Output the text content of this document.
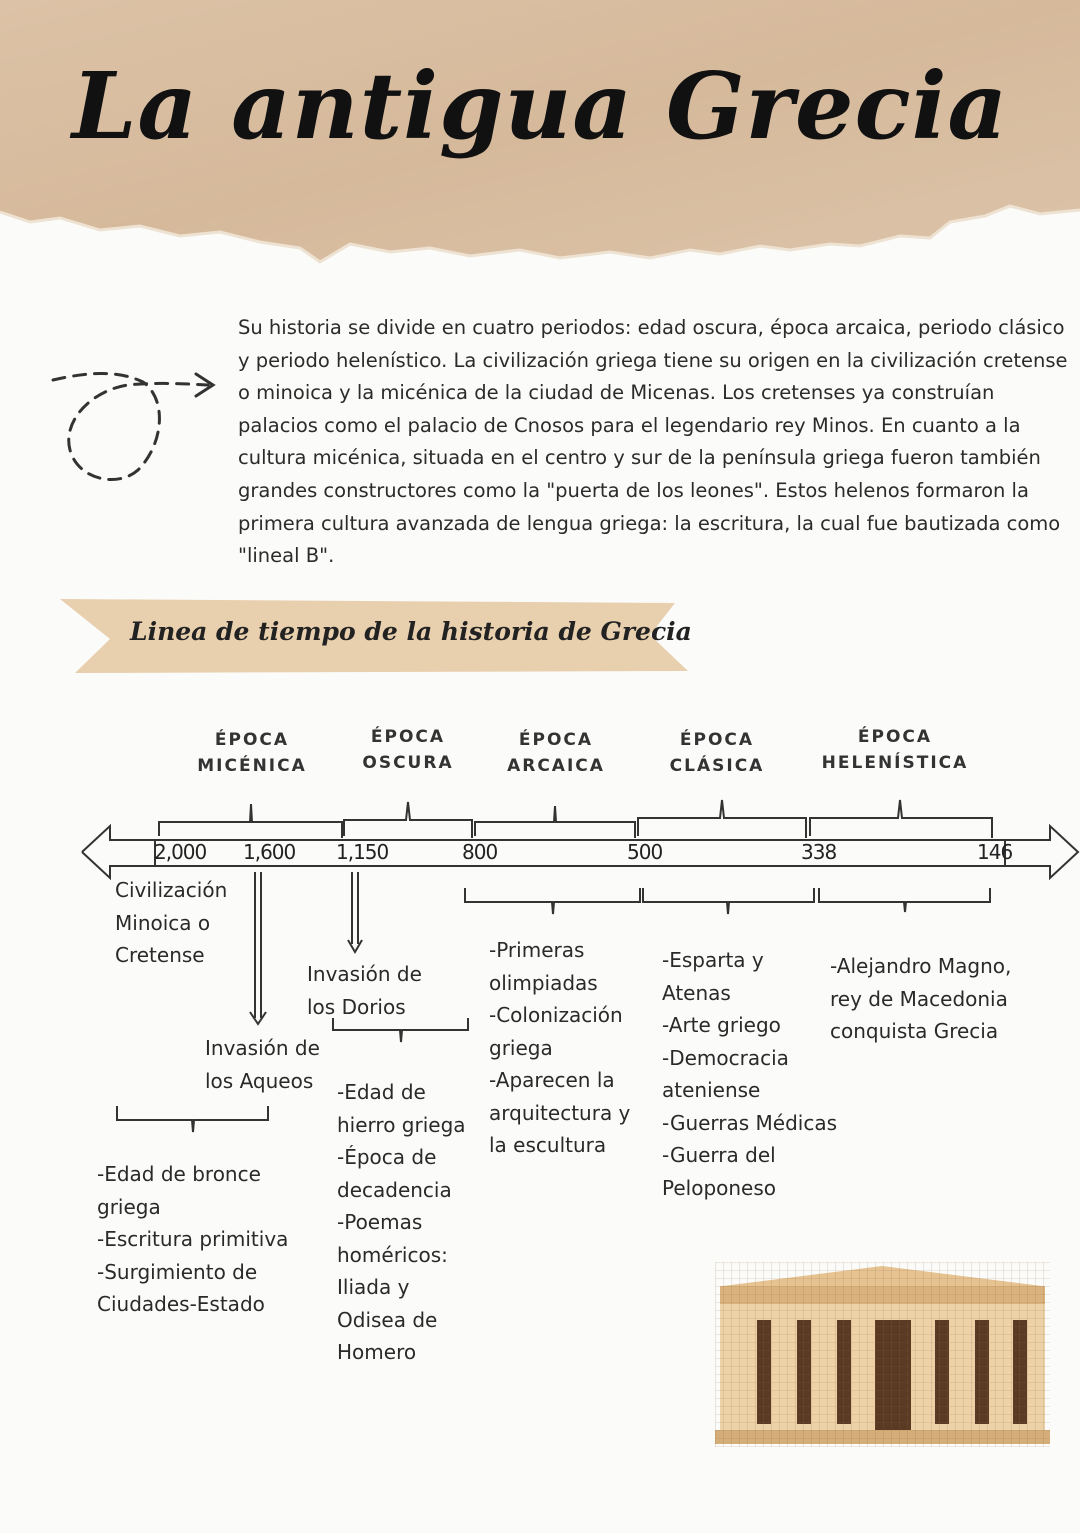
La antigua Grecia
Su historia se divide en cuatro periodos: edad oscura, época arcaica, periodo clásico y periodo helenístico. La civilización griega tiene su origen en la civilización cretense o minoica y la micénica de la ciudad de Micenas. Los cretenses ya construían palacios como el palacio de Cnosos para el legendario rey Minos. En cuanto a la cultura micénica, situada en el centro y sur de la península griega fueron también grandes constructores como la "puerta de los leones". Estos helenos formaron la primera cultura avanzada de lengua griega: la escritura, la cual fue bautizada como "lineal B".
Linea de tiempo de la historia de Grecia
ÉPOCA
MICÉNICA
ÉPOCA
OSCURA
ÉPOCA
ARCAICA
ÉPOCA
CLÁSICA
ÉPOCA
HELENÍSTICA
2,000 1,600 1,150	800	500	338	146
Civilización
Minoica o
Cretense
Invasión de
los Aqueos
Invasión de
los Dorios
-Edad de bronce
griega
-Escritura primitiva
-Surgimiento de
Ciudades-Estado
-Edad de
hierro griega
-Época de
decadencia
-Poemas
homéricos:
Iliada y
Odisea de
Homero
-Primeras
olimpiadas
-Colonización
griega
-Aparecen la
arquitectura y
la escultura
-Esparta y
Atenas
-Arte griego
-Democracia
ateniense
-Guerras Médicas
-Guerra del
Peloponeso
-Alejandro Magno,
rey de Macedonia
conquista Grecia
